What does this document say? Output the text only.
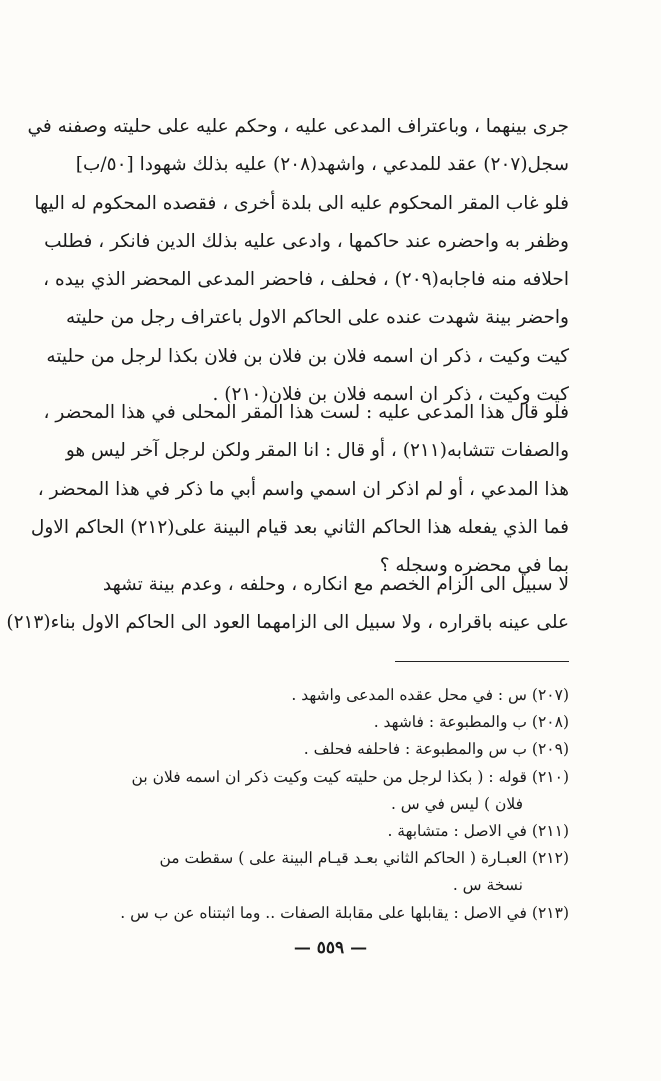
جرى بينهما ، وباعتراف المدعى عليه ، وحكم عليه على حليته وصفنه في
سجل(٢٠٧) عقد للمدعي ، واشهد(٢٠٨) عليه بذلك شهودا [٥٠/ب]
فلو غاب المقر المحكوم عليه الى بلدة أخرى ، فقصده المحكوم له اليها
وظفر به واحضره عند حاكمها ، وادعى عليه بذلك الدين فانكر ، فطلب
احلافه منه فاجابه(٢٠٩) ، فحلف ، فاحضر المدعى المحضر الذي بيده ،
واحضر بينة شهدت عنده على الحاكم الاول باعتراف رجل من حليته
كيت وكيت ، ذكر ان اسمه فلان بن فلان بن فلان بكذا لرجل من حليته
كيت وكيت ، ذكر ان اسمه فلان بن فلان(٢١٠) .
فلو قال هذا المدعى عليه : لست هذا المقر المحلى في هذا المحضر ،
والصفات تتشابه(٢١١) ، أو قال : انا المقر ولكن لرجل آخر ليس هو
هذا المدعي ، أو لم اذكر ان اسمي واسم أبي ما ذكر في هذا المحضر ،
فما الذي يفعله هذا الحاكم الثاني بعد قيام البينة على(٢١٢) الحاكم الاول
بما في محضره وسجله ؟
لا سبيل الى الزام الخصم مع انكاره ، وحلفه ، وعدم بينة تشهد
على عينه باقراره ، ولا سبيل الى الزامهما العود الى الحاكم الاول بناء(٢١٣)
(٢٠٧) س : في محل عقده المدعى واشهد .
(٢٠٨) ب والمطبوعة : فاشهد .
(٢٠٩) ب س والمطبوعة : فاحلفه فحلف .
(٢١٠) قوله : ( بكذا لرجل من حليته كيت وكيت ذكر ان اسمه فلان بن
فلان ) ليس في س .
(٢١١) في الاصل : متشابهة .
(٢١٢) العبـارة ( الحاكم الثاني بعـد قيـام البينة على ) سقطت من
نسخة س .
(٢١٣) في الاصل : يقابلها على مقابلة الصفات .. وما اثبتناه عن ب س .
— ٥٥٩ —
